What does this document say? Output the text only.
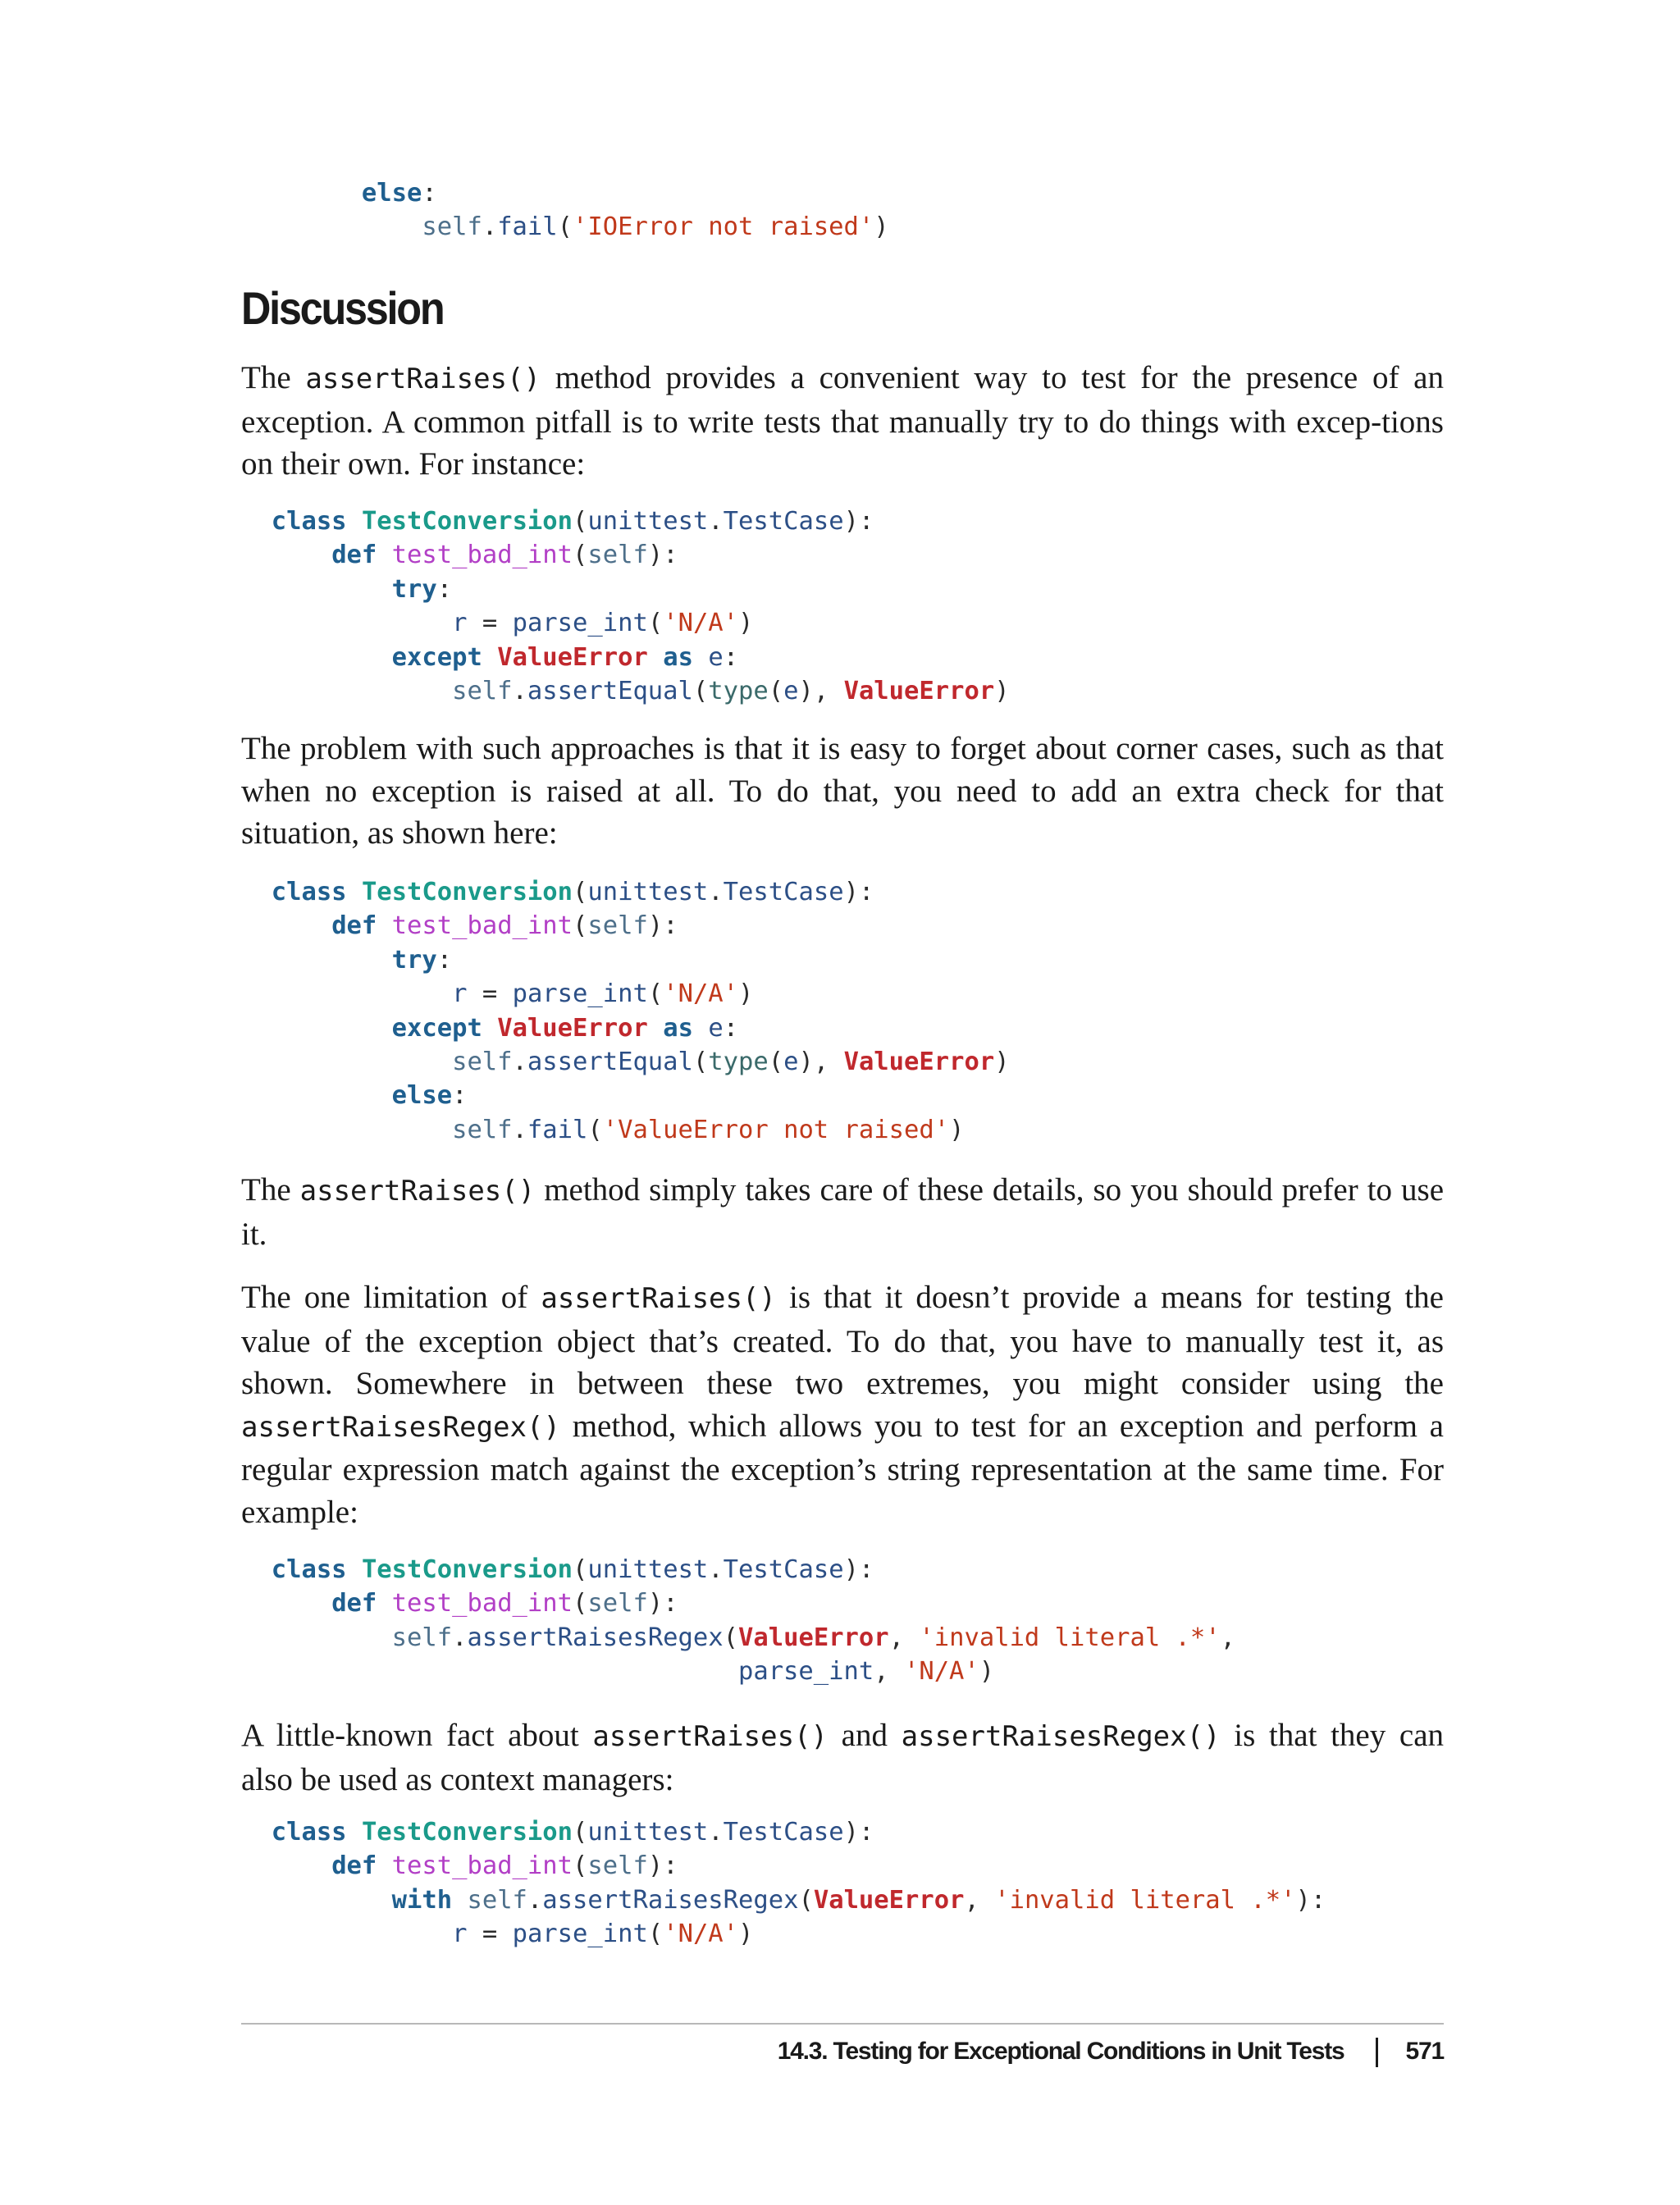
else:
self.fail('IOError not raised')
Discussion

The assertRaises() method provides a convenient way to test for the presence of an exception. A common pitfall is to write tests that manually try to do things with excep-tions on their own. For instance:

class TestConversion(unittest.TestCase):
def test_bad_int(self):
try:
r = parse_int('N/A')
except ValueError as e:
self.assertEqual(type(e), ValueError)

The problem with such approaches is that it is easy to forget about corner cases, such as that when no exception is raised at all. To do that, you need to add an extra check for that situation, as shown here:

class TestConversion(unittest.TestCase):
def test_bad_int(self):
try:
r = parse_int('N/A')
except ValueError as e:
self.assertEqual(type(e), ValueError)
else:
self.fail('ValueError not raised')

The assertRaises() method simply takes care of these details, so you should prefer to use it.

The one limitation of assertRaises() is that it doesn’t provide a means for testing the value of the exception object that’s created. To do that, you have to manually test it, as shown. Somewhere in between these two extremes, you might consider using the assertRaisesRegex() method, which allows you to test for an exception and perform a regular expression match against the exception’s string representation at the same time. For example:

class TestConversion(unittest.TestCase):
def test_bad_int(self):
self.assertRaisesRegex(ValueError, 'invalid literal .*',
parse_int, 'N/A')

A little-known fact about assertRaises() and assertRaisesRegex() is that they can also be used as context managers:

class TestConversion(unittest.TestCase):
def test_bad_int(self):
with self.assertRaisesRegex(ValueError, 'invalid literal .*'):
r = parse_int('N/A')
14.3. Testing for Exceptional Conditions in Unit Tests	571
